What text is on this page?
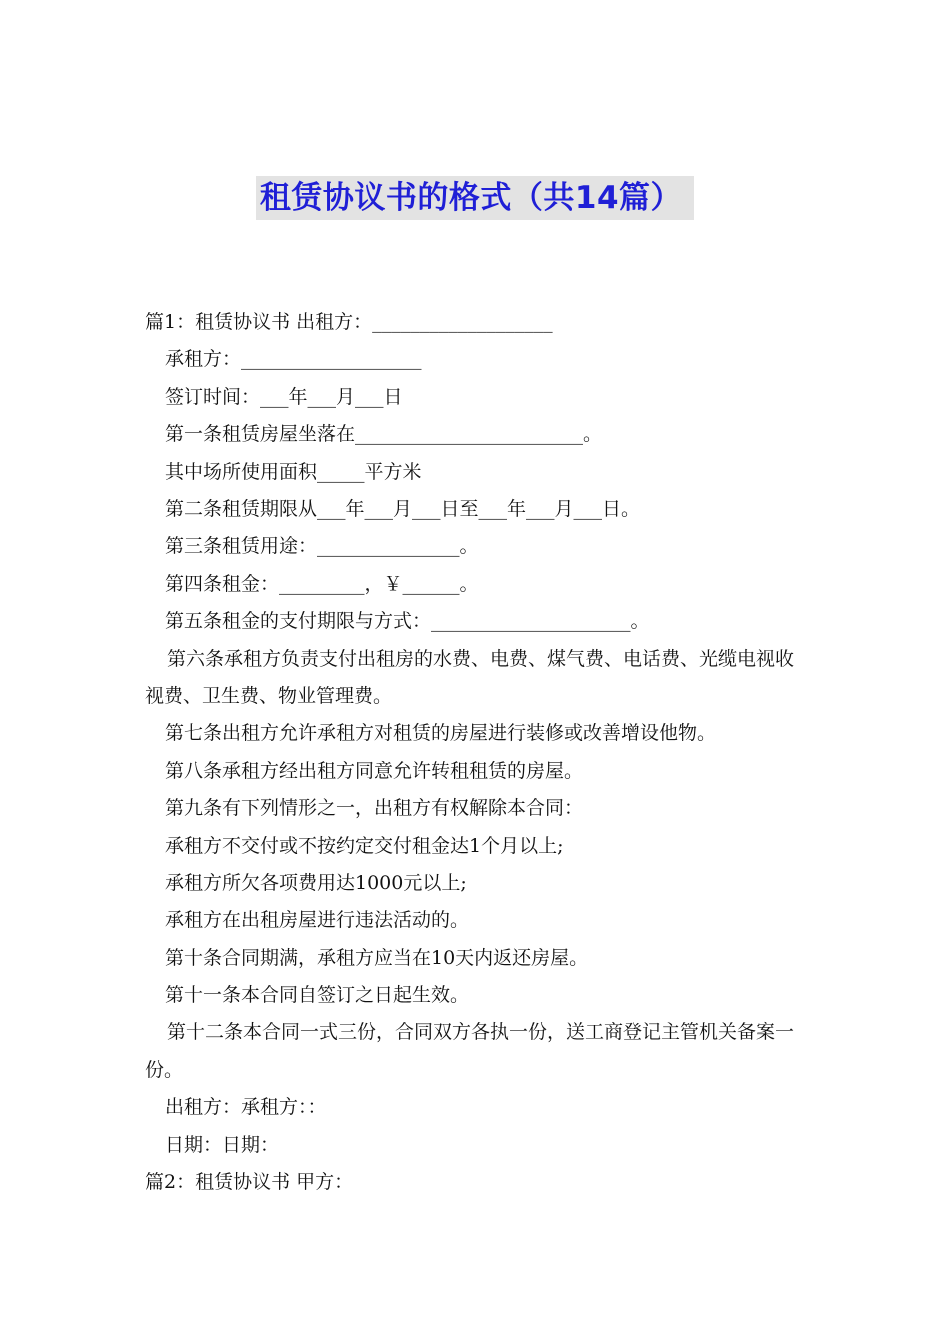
租赁协议书的格式（共14篇）
篇1：租赁协议书 出租方：___________________
承租方：___________________
签订时间：___年___月___日
第一条租赁房屋坐落在________________________。
其中场所使用面积_____平方米
第二条租赁期限从___年___月___日至___年___月___日。
第三条租赁用途：_______________。
第四条租金：_________，￥______。
第五条租金的支付期限与方式：_____________________。
第六条承租方负责支付出租房的水费、电费、煤气费、电话费、光缆电视收视费、卫生费、物业管理费。
第七条出租方允许承租方对租赁的房屋进行装修或改善增设他物。
第八条承租方经出租方同意允许转租租赁的房屋。
第九条有下列情形之一，出租方有权解除本合同：
承租方不交付或不按约定交付租金达1个月以上;
承租方所欠各项费用达1000元以上;
承租方在出租房屋进行违法活动的。
第十条合同期满，承租方应当在10天内返还房屋。
第十一条本合同自签订之日起生效。
第十二条本合同一式三份，合同双方各执一份，送工商登记主管机关备案一份。
出租方：承租方：：
日期：日期：
篇2：租赁协议书 甲方：
